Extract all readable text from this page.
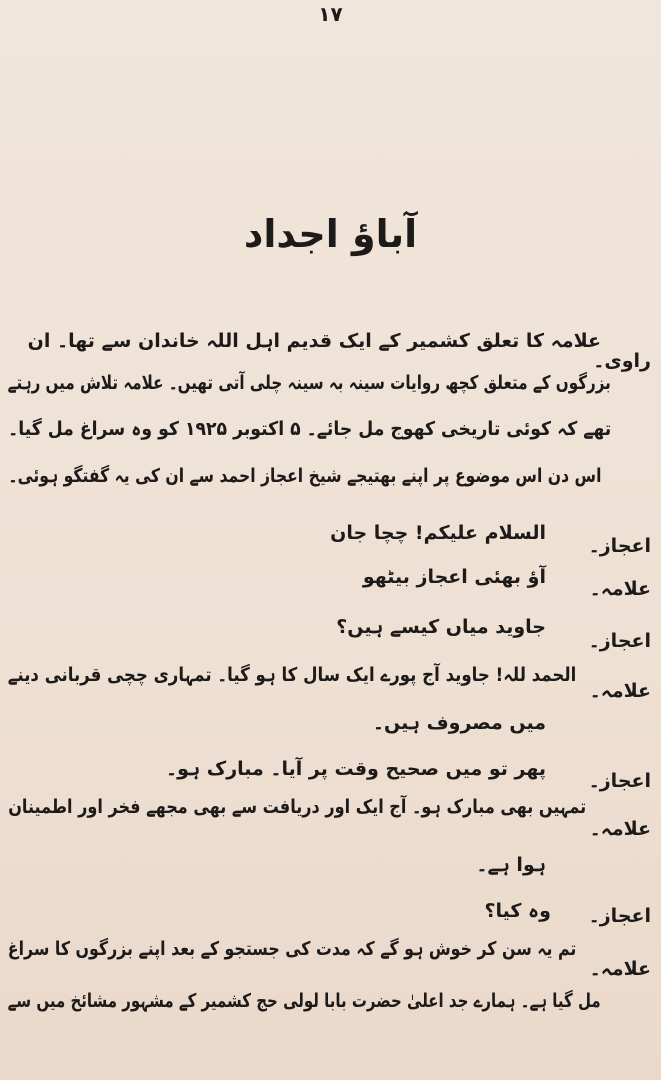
۱۷
آباؤ اجداد
راوی۔
علامہ کا تعلق کشمیر کے ایک قدیم اہل اللہ خاندان سے تھا۔ ان
بزرگوں کے متعلق کچھ روایات سینہ بہ سینہ چلی آتی تھیں۔ علامہ تلاش میں رہتے
تھے کہ کوئی تاریخی کھوج مل جائے۔ ۵ اکتوبر ۱۹۲۵ کو وہ سراغ مل گیا۔
اس دن اس موضوع پر اپنے بھتیجے شیخ اعجاز احمد سے ان کی یہ گفتگو ہوئی۔
اعجاز۔
السلام علیکم! چچا جان
علامہ۔
آؤ بھئی اعجاز بیٹھو
اعجاز۔
جاوید میاں کیسے ہیں؟
علامہ۔
الحمد للہ! جاوید آج پورے ایک سال کا ہو گیا۔ تمہاری چچی قربانی دینے
میں مصروف ہیں۔
اعجاز۔
پھر تو میں صحیح وقت پر آیا۔ مبارک ہو۔
علامہ۔
تمہیں بھی مبارک ہو۔ آج ایک اور دریافت سے بھی مجھے فخر اور اطمینان
ہوا ہے۔
اعجاز۔
وہ کیا؟
علامہ۔
تم یہ سن کر خوش ہو گے کہ مدت کی جستجو کے بعد اپنے بزرگوں کا سراغ
مل گیا ہے۔ ہمارے جد اعلیٰ حضرت بابا لولی حج کشمیر کے مشہور مشائخ میں سے
